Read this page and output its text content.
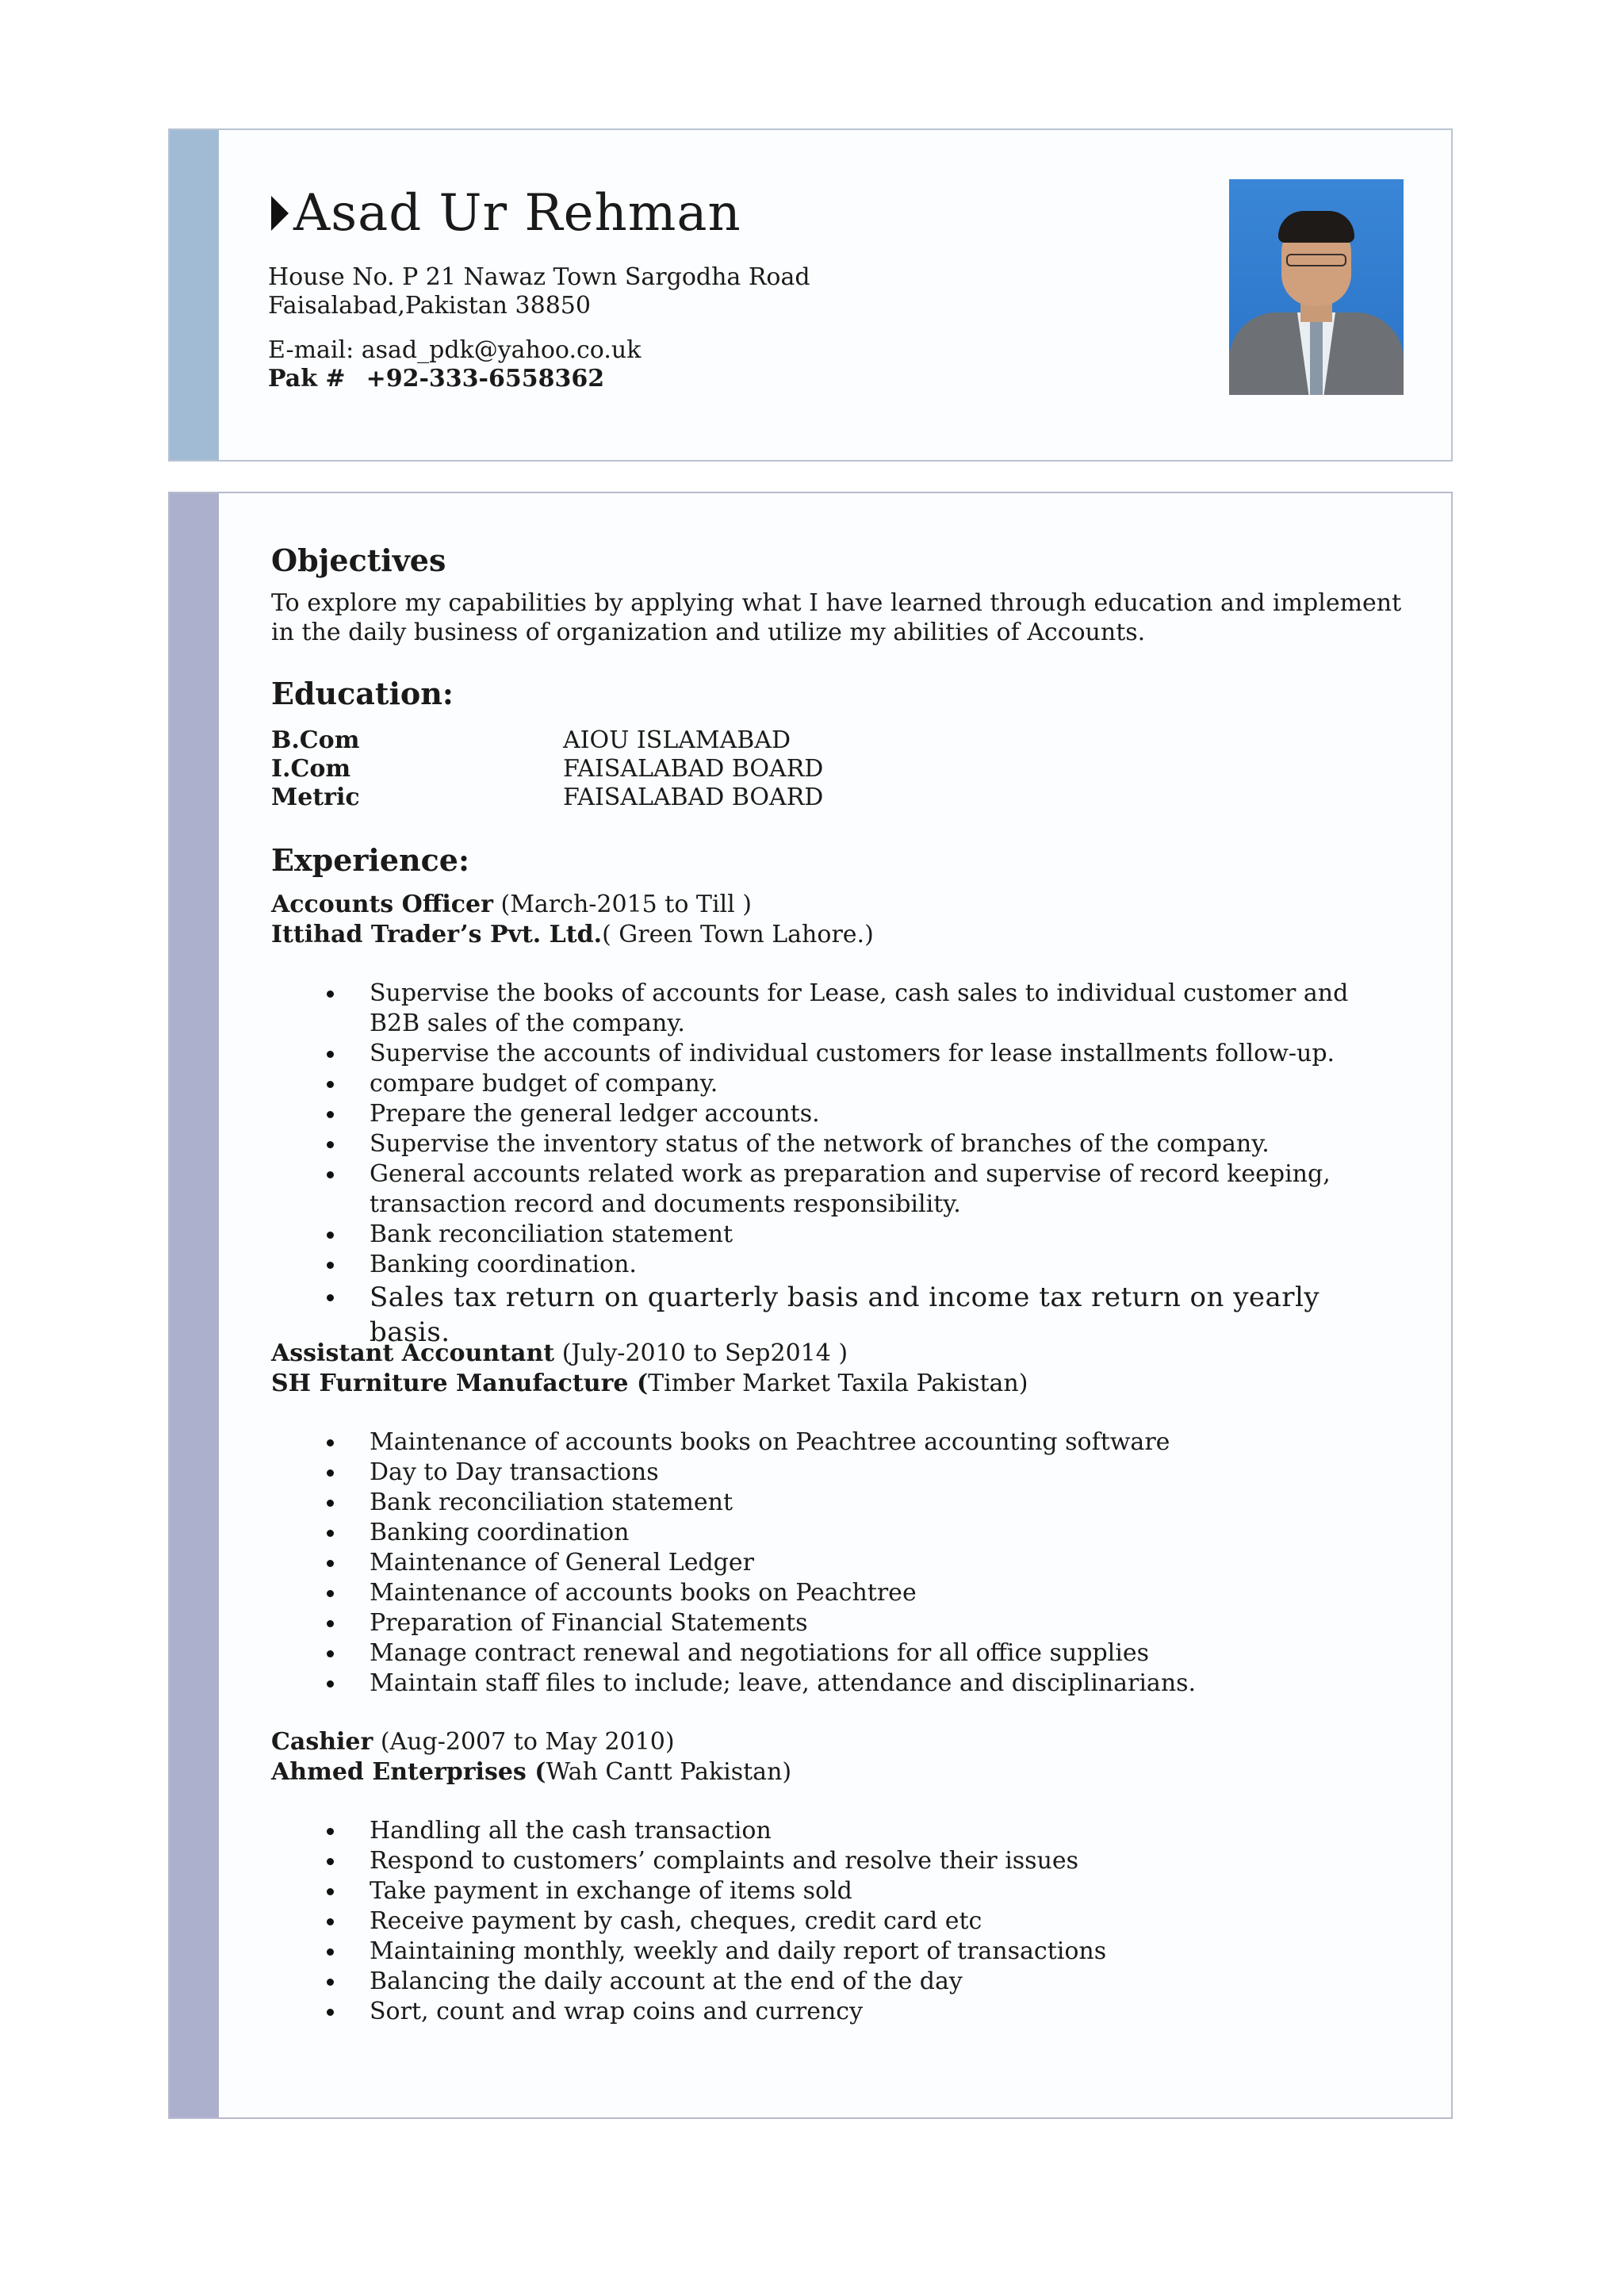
Asad Ur Rehman
House No. P 21 Nawaz Town Sargodha Road
Faisalabad,Pakistan 38850
E-mail: asad_pdk@yahoo.co.uk
Pak # +92-333-6558362
Objectives
To explore my capabilities by applying what I have learned through education and implement in the daily business of organization and utilize my abilities of Accounts.
Education:
B.Com	AIOU ISLAMABAD
I.Com	FAISALABAD BOARD
Metric	FAISALABAD BOARD
Experience:
Accounts Officer (March-2015 to Till )
Ittihad Trader’s Pvt. Ltd.( Green Town Lahore.)
Supervise the books of accounts for Lease, cash sales to individual customer and B2B sales of the company.
Supervise the accounts of individual customers for lease installments follow-up.
compare budget of company.
Prepare the general ledger accounts.
Supervise the inventory status of the network of branches of the company.
General accounts related work as preparation and supervise of record keeping, transaction record and documents responsibility.
Bank reconciliation statement
Banking coordination.
Sales tax return on quarterly basis and income tax return on yearly basis.
Assistant Accountant (July-2010 to Sep2014 )
SH Furniture Manufacture (Timber Market Taxila Pakistan)
Maintenance of accounts books on Peachtree accounting software
Day to Day transactions
Bank reconciliation statement
Banking coordination
Maintenance of General Ledger
Maintenance of accounts books on Peachtree
Preparation of Financial Statements
Manage contract renewal and negotiations for all office supplies
Maintain staff files to include; leave, attendance and disciplinarians.
Cashier (Aug-2007 to May 2010)
Ahmed Enterprises (Wah Cantt Pakistan)
Handling all the cash transaction
Respond to customers’ complaints and resolve their issues
Take payment in exchange of items sold
Receive payment by cash, cheques, credit card etc
Maintaining monthly, weekly and daily report of transactions
Balancing the daily account at the end of the day
Sort, count and wrap coins and currency
